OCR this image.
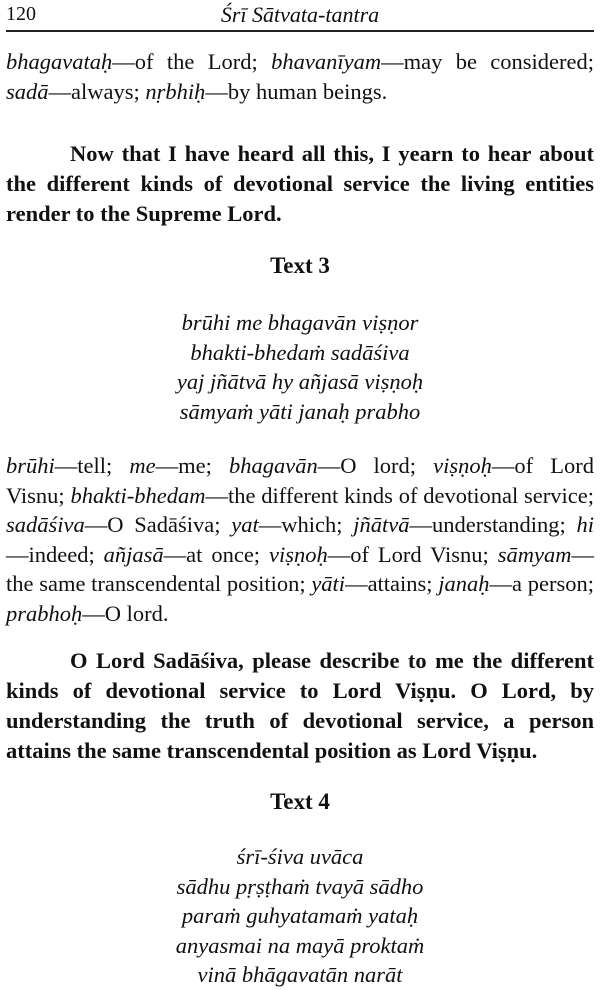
120	Śrī Sātvata-tantra
bhagavataḥ—of the Lord; bhavanīyam—may be considered; sadā—always; nṛbhiḥ—by human beings.
Now that I have heard all this, I yearn to hear about the different kinds of devotional service the living entities render to the Supreme Lord.
Text 3
brūhi me bhagavān viṣṇor
bhakti-bhedaṁ sadāśiva
yaj jñātvā hy añjasā viṣṇoḥ
sāmyaṁ yāti janaḥ prabho
brūhi—tell; me—me; bhagavān—O lord; viṣṇoḥ—of Lord Visnu; bhakti-bhedam—the different kinds of devotional service; sadāśiva—O Sadāśiva; yat—which; jñātvā—understanding; hi—indeed; añjasā—at once; viṣṇoḥ—of Lord Visnu; sāmyam—the same transcendental position; yāti—attains; janaḥ—a person; prabhoḥ—O lord.
O Lord Sadāśiva, please describe to me the different kinds of devotional service to Lord Viṣṇu. O Lord, by understanding the truth of devotional service, a person attains the same transcendental position as Lord Viṣṇu.
Text 4
śrī-śiva uvāca
sādhu pṛṣṭhaṁ tvayā sādho
paraṁ guhyatamaṁ yataḥ
anyasmai na mayā proktaṁ
vinā bhāgavatān narāt
